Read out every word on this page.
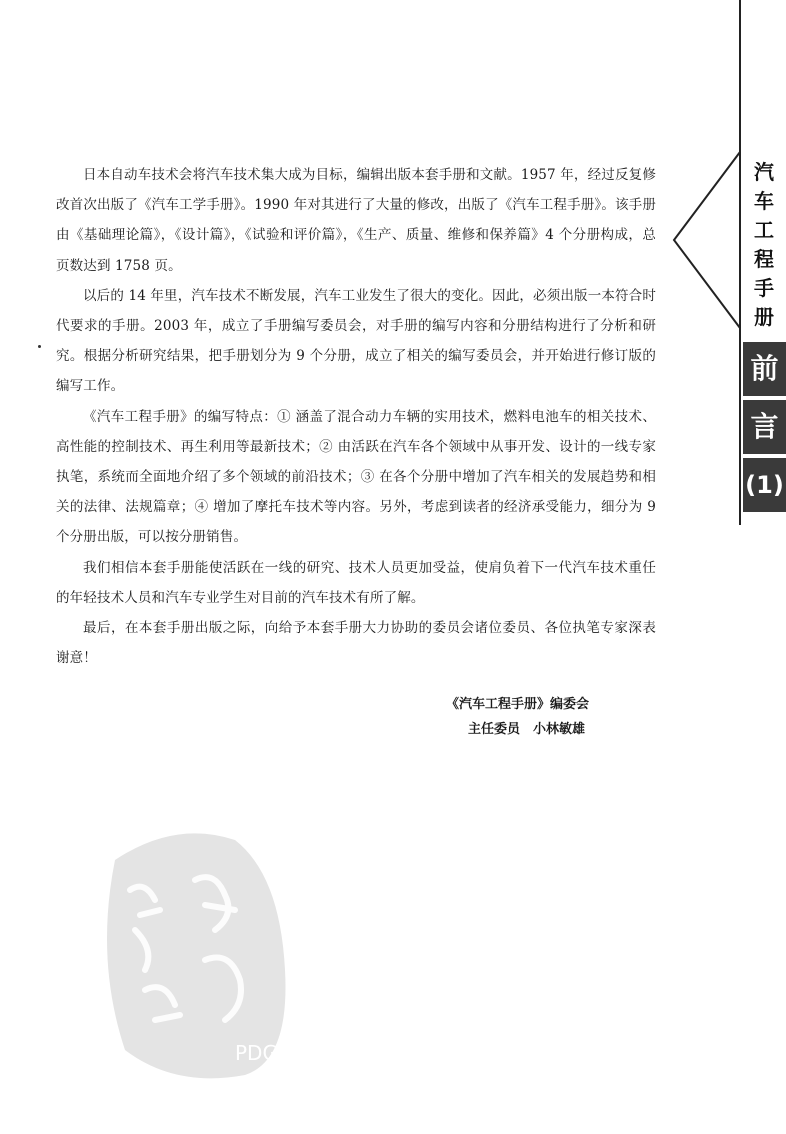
日本自动车技术会将汽车技术集大成为目标，编辑出版本套手册和文献。1957 年，经过反复修改首次出版了《汽车工学手册》。1990 年对其进行了大量的修改，出版了《汽车工程手册》。该手册由《基础理论篇》，《设计篇》，《试验和评价篇》，《生产、质量、维修和保养篇》4 个分册构成，总页数达到 1758 页。

以后的 14 年里，汽车技术不断发展，汽车工业发生了很大的变化。因此，必须出版一本符合时代要求的手册。2003 年，成立了手册编写委员会，对手册的编写内容和分册结构进行了分析和研究。根据分析研究结果，把手册划分为 9 个分册，成立了相关的编写委员会，并开始进行修订版的编写工作。

《汽车工程手册》的编写特点：① 涵盖了混合动力车辆的实用技术，燃料电池车的相关技术、高性能的控制技术、再生利用等最新技术；② 由活跃在汽车各个领域中从事开发、设计的一线专家执笔，系统而全面地介绍了多个领域的前沿技术；③ 在各个分册中增加了汽车相关的发展趋势和相关的法律、法规篇章；④ 增加了摩托车技术等内容。另外，考虑到读者的经济承受能力，细分为 9 个分册出版，可以按分册销售。

我们相信本套手册能使活跃在一线的研究、技术人员更加受益，使肩负着下一代汽车技术重任的年轻技术人员和汽车专业学生对目前的汽车技术有所了解。

最后，在本套手册出版之际，向给予本套手册大力协助的委员会诸位委员、各位执笔专家深表谢意！

《汽车工程手册》编委会
主任委员　小林敏雄
汽
车
工
程
手
册
前
言
(1)
PDG
